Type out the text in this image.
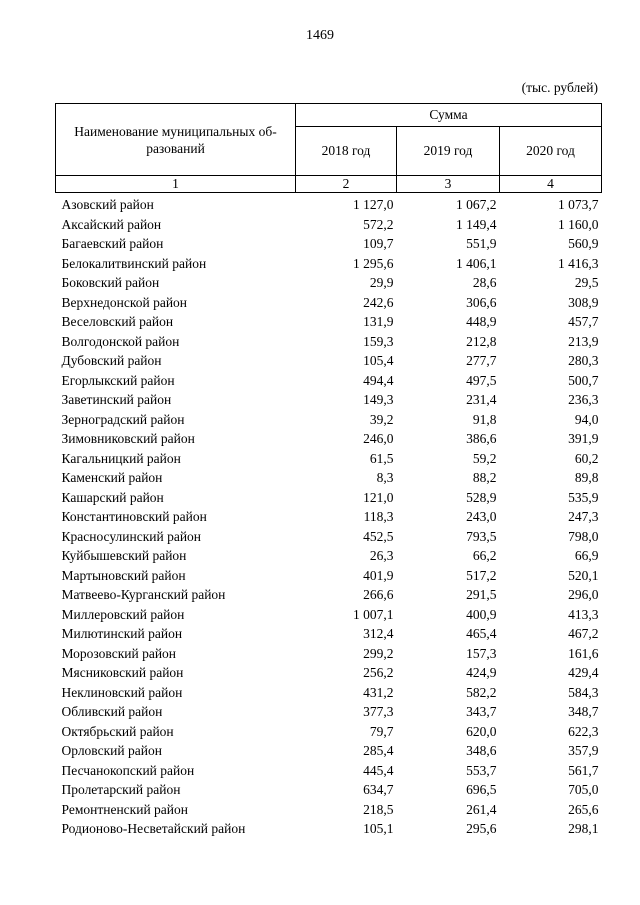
1469
(тыс. рублей)
Наименование муниципальных об-разований	Сумма		
	2018 год	2019 год	2020 год
1	2	3	4
Азовский район	1 127,0	1 067,2	1 073,7
Аксайский район	572,2	1 149,4	1 160,0
Багаевский район	109,7	551,9	560,9
Белокалитвинский район	1 295,6	1 406,1	1 416,3
Боковский район	29,9	28,6	29,5
Верхнедонской район	242,6	306,6	308,9
Веселовский район	131,9	448,9	457,7
Волгодонской район	159,3	212,8	213,9
Дубовский район	105,4	277,7	280,3
Егорлыкский район	494,4	497,5	500,7
Заветинский район	149,3	231,4	236,3
Зерноградский район	39,2	91,8	94,0
Зимовниковский район	246,0	386,6	391,9
Кагальницкий район	61,5	59,2	60,2
Каменский район	8,3	88,2	89,8
Кашарский район	121,0	528,9	535,9
Константиновский район	118,3	243,0	247,3
Красносулинский район	452,5	793,5	798,0
Куйбышевский район	26,3	66,2	66,9
Мартыновский район	401,9	517,2	520,1
Матвеево-Курганский район	266,6	291,5	296,0
Миллеровский район	1 007,1	400,9	413,3
Милютинский район	312,4	465,4	467,2
Морозовский район	299,2	157,3	161,6
Мясниковский район	256,2	424,9	429,4
Неклиновский район	431,2	582,2	584,3
Обливский район	377,3	343,7	348,7
Октябрьский район	79,7	620,0	622,3
Орловский район	285,4	348,6	357,9
Песчанокопский район	445,4	553,7	561,7
Пролетарский район	634,7	696,5	705,0
Ремонтненский район	218,5	261,4	265,6
Родионово-Несветайский район	105,1	295,6	298,1
